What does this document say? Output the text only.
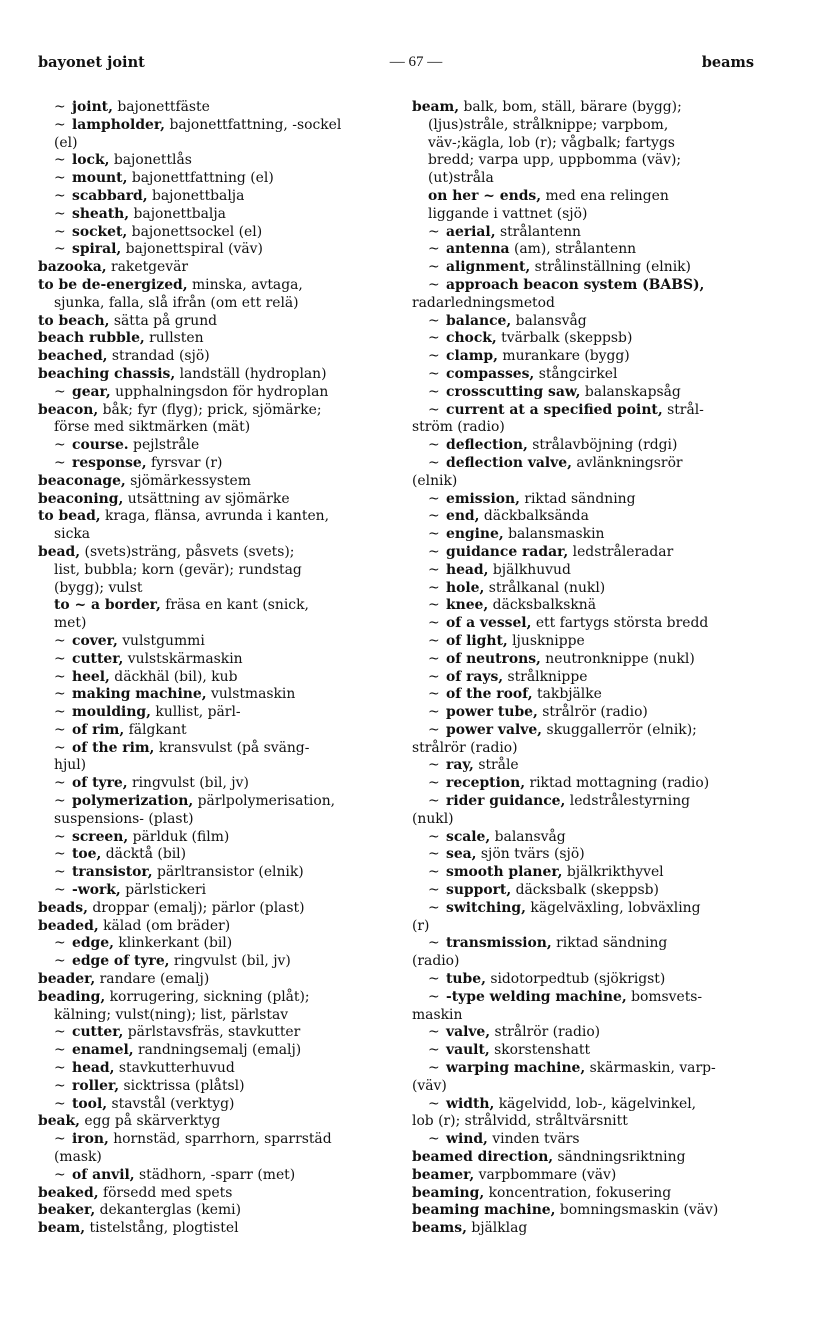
bayonet joint	— 67 —	beams
~ joint, bajonettfäste
~ lampholder, bajonettfattning, -sockel
(el)
~ lock, bajonettlås
~ mount, bajonettfattning (el)
~ scabbard, bajonettbalja
~ sheath, bajonettbalja
~ socket, bajonettsockel (el)
~ spiral, bajonettspiral (väv)
bazooka, raketgevär
to be de-energized, minska, avtaga,
sjunka, falla, slå ifrån (om ett relä)
to beach, sätta på grund
beach rubble, rullsten
beached, strandad (sjö)
beaching chassis, landställ (hydroplan)
~ gear, upphalningsdon för hydroplan
beacon, båk; fyr (flyg); prick, sjömärke;
förse med siktmärken (mät)
~ course. pejlstråle
~ response, fyrsvar (r)
beaconage, sjömärkessystem
beaconing, utsättning av sjömärke
to bead, kraga, flänsa, avrunda i kanten,
sicka
bead, (svets)sträng, påsvets (svets);
list, bubbla; korn (gevär); rundstag
(bygg); vulst
to ~ a border, fräsa en kant (snick,
met)
~ cover, vulstgummi
~ cutter, vulstskärmaskin
~ heel, däckhäl (bil), kub
~ making machine, vulstmaskin
~ moulding, kullist, pärl-
~ of rim, fälgkant
~ of the rim, kransvulst (på sväng-
hjul)
~ of tyre, ringvulst (bil, jv)
~ polymerization, pärlpolymerisation,
suspensions- (plast)
~ screen, pärlduk (film)
~ toe, däcktå (bil)
~ transistor, pärltransistor (elnik)
~ -work, pärlstickeri
beads, droppar (emalj); pärlor (plast)
beaded, kälad (om bräder)
~ edge, klinkerkant (bil)
~ edge of tyre, ringvulst (bil, jv)
beader, randare (emalj)
beading, korrugering, sickning (plåt);
kälning; vulst(ning); list, pärlstav
~ cutter, pärlstavsfräs, stavkutter
~ enamel, randningsemalj (emalj)
~ head, stavkutterhuvud
~ roller, sicktrissa (plåtsl)
~ tool, stavstål (verktyg)
beak, egg på skärverktyg
~ iron, hornstäd, sparrhorn, sparrstäd
(mask)
~ of anvil, städhorn, -sparr (met)
beaked, försedd med spets
beaker, dekanterglas (kemi)
beam, tistelstång, plogtistel
beam, balk, bom, ställ, bärare (bygg);
(ljus)stråle, strålknippe; varpbom,
väv-;kägla, lob (r); vågbalk; fartygs
bredd; varpa upp, uppbomma (väv);
(ut)stråla
on her ~ ends, med ena relingen
liggande i vattnet (sjö)
~ aerial, strålantenn
~ antenna (am), strålantenn
~ alignment, strålinställning (elnik)
~ approach beacon system (BABS),
radarledningsmetod
~ balance, balansvåg
~ chock, tvärbalk (skeppsb)
~ clamp, murankare (bygg)
~ compasses, stångcirkel
~ crosscutting saw, balanskapsåg
~ current at a specified point, strål-
ström (radio)
~ deflection, strålavböjning (rdgi)
~ deflection valve, avlänkningsrör
(elnik)
~ emission, riktad sändning
~ end, däckbalksända
~ engine, balansmaskin
~ guidance radar, ledstråleradar
~ head, bjälkhuvud
~ hole, strålkanal (nukl)
~ knee, däcksbalksknä
~ of a vessel, ett fartygs största bredd
~ of light, ljusknippe
~ of neutrons, neutronknippe (nukl)
~ of rays, strålknippe
~ of the roof, takbjälke
~ power tube, strålrör (radio)
~ power valve, skuggallerrör (elnik);
strålrör (radio)
~ ray, stråle
~ reception, riktad mottagning (radio)
~ rider guidance, ledstrålestyrning
(nukl)
~ scale, balansvåg
~ sea, sjön tvärs (sjö)
~ smooth planer, bjälkrikthyvel
~ support, däcksbalk (skeppsb)
~ switching, kägelväxling, lobväxling
(r)
~ transmission, riktad sändning
(radio)
~ tube, sidotorpedtub (sjökrigst)
~ -type welding machine, bomsvets-
maskin
~ valve, strålrör (radio)
~ vault, skorstenshatt
~ warping machine, skärmaskin, varp-
(väv)
~ width, kägelvidd, lob-, kägelvinkel,
lob (r); strålvidd, stråltvärsnitt
~ wind, vinden tvärs
beamed direction, sändningsriktning
beamer, varpbommare (väv)
beaming, koncentration, fokusering
beaming machine, bomningsmaskin (väv)
beams, bjälklag
